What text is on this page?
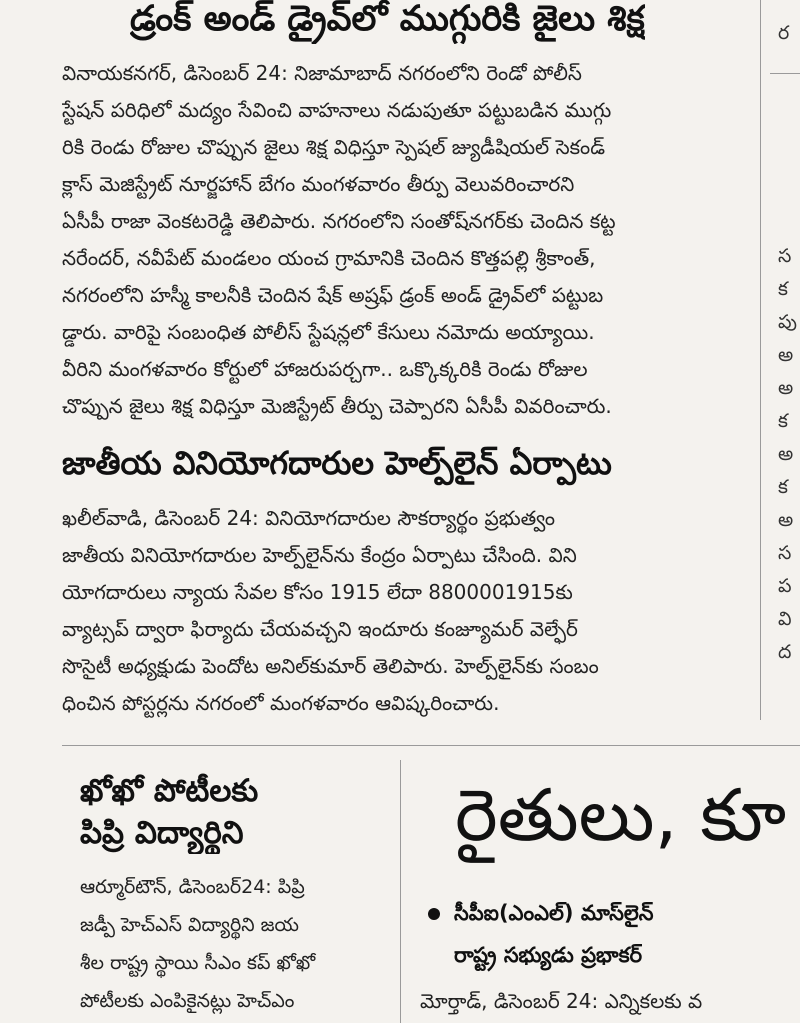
ర
స
క
పు
అ
అ
క
అ
క
అ
స
ప
వి
ద
డ్రంక్ అండ్ డ్రైవ్‌లో ముగ్గురికి జైలు శిక్ష
వినాయకనగర్, డిసెంబర్ 24: నిజామాబాద్ నగరంలోని రెండో పోలీస్
స్టేషన్ పరిధిలో మద్యం సేవించి వాహనాలు నడుపుతూ పట్టుబడిన ముగ్గు
రికి రెండు రోజుల చొప్పున జైలు శిక్ష విధిస్తూ స్పెషల్ జ్యుడీషియల్ సెకండ్
క్లాస్ మెజిస్ట్రేట్ నూర్జహాన్ బేగం మంగళవారం తీర్పు వెలువరించారని
ఏసీపీ రాజా వెంకటరెడ్డి తెలిపారు. నగరంలోని సంతోష్‌నగర్‌కు చెందిన కట్ట
నరేందర్, నవీపేట్ మండలం యంచ గ్రామానికి చెందిన కొత్తపల్లి శ్రీకాంత్,
నగరంలోని హస్మీ కాలనీకి చెందిన షేక్ అష్రఫ్ డ్రంక్ అండ్ డ్రైవ్‌లో పట్టుబ
డ్డారు. వారిపై సంబంధిత పోలీస్ స్టేషన్లలో కేసులు నమోదు అయ్యాయి.
వీరిని మంగళవారం కోర్టులో హాజరుపర్చగా.. ఒక్కొక్కరికి రెండు రోజుల
చొప్పున జైలు శిక్ష విధిస్తూ మెజిస్ట్రేట్ తీర్పు చెప్పారని ఏసీపీ వివరించారు.
జాతీయ వినియోగదారుల హెల్ప్‌లైన్ ఏర్పాటు
ఖలీల్‌వాడి, డిసెంబర్ 24: వినియోగదారుల సౌకర్యార్థం ప్రభుత్వం
జాతీయ వినియోగదారుల హెల్ప్‌లైన్‌ను కేంద్రం ఏర్పాటు చేసింది. విని
యోగదారులు న్యాయ సేవల కోసం 1915 లేదా 8800001915కు
వ్యాట్సప్ ద్వారా ఫిర్యాదు చేయవచ్చని ఇందూరు కంజ్యూమర్ వెల్ఫేర్
సొసైటీ అధ్యక్షుడు పెందోట అనిల్‌కుమార్ తెలిపారు. హెల్ప్‌లైన్‌కు సంబం
ధించిన పోస్టర్లను నగరంలో మంగళవారం ఆవిష్కరించారు.
ఖోఖో పోటీలకు
పిప్రి విద్యార్థిని
ఆర్మూర్‌టౌన్, డిసెంబర్24: పిప్రి
జడ్పీ హెచ్ఎస్ విద్యార్థిని జయ
శీల రాష్ట్ర స్థాయి సీఎం కప్ ఖోఖో
పోటీలకు ఎంపికైనట్లు హెచ్ఎం
రైతులు, కూ
సీపీఐ(ఎంఎల్) మాస్‌లైన్
రాష్ట్ర సభ్యుడు ప్రభాకర్
మోర్తాడ్, డిసెంబర్ 24: ఎన్నికలకు వ
